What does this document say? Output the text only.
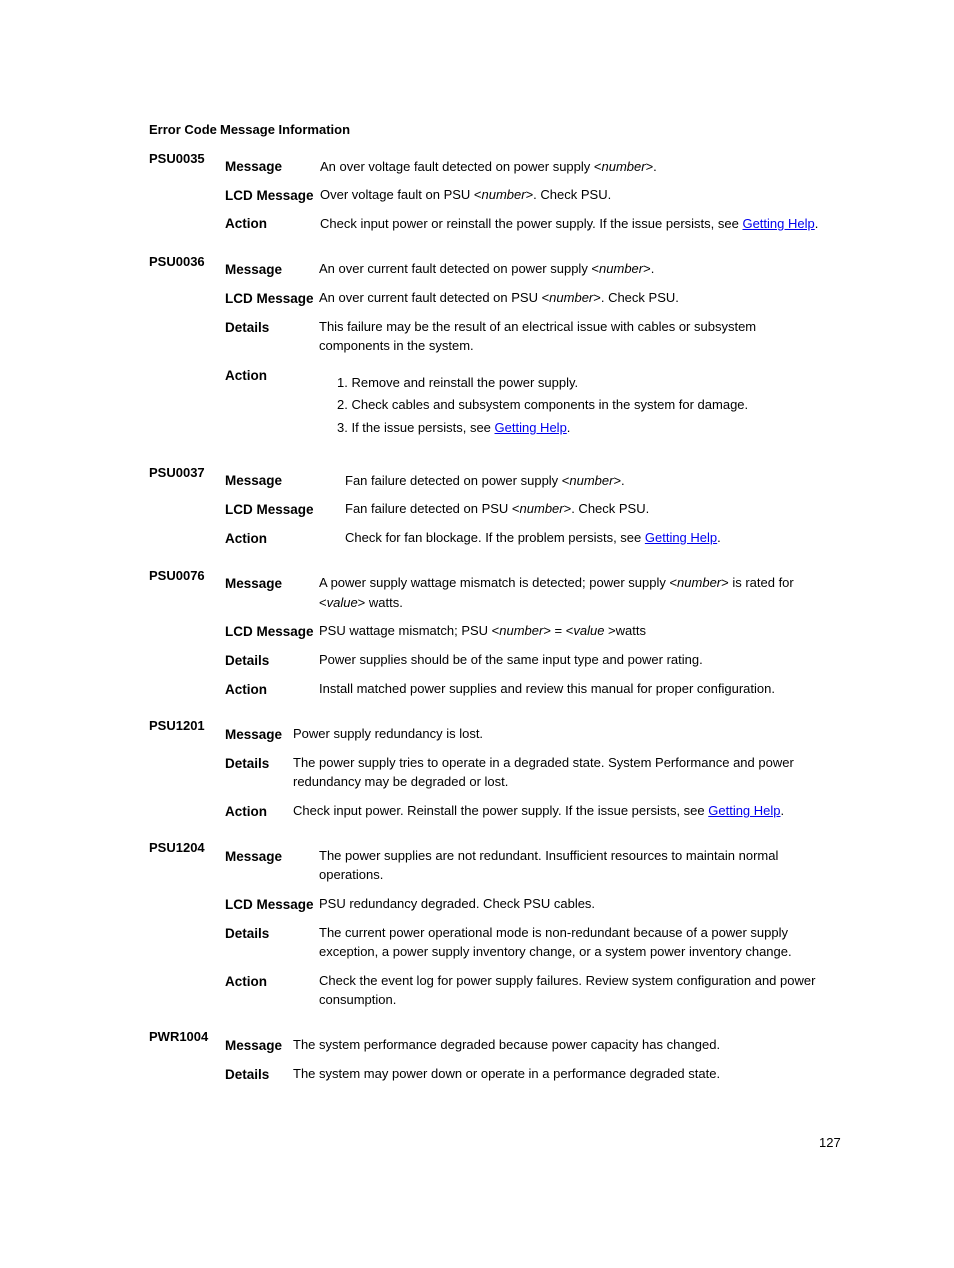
Error Code Message Information
PSU0035
Message	An over voltage fault detected on power supply <number>.
LCD Message Over voltage fault on PSU <number>. Check PSU.
Action	Check input power or reinstall the power supply. If the issue persists, see Getting Help.
PSU0036
Message	An over current fault detected on power supply <number>.
LCD Message An over current fault detected on PSU <number>. Check PSU.
Details	This failure may be the result of an electrical issue with cables or subsystem
components in the system.
Action	1. Remove and reinstall the power supply.
2. Check cables and subsystem components in the system for damage.
3. If the issue persists, see Getting Help.
PSU0037
Message	Fan failure detected on power supply <number>.
LCD Message Fan failure detected on PSU <number>. Check PSU.
Action	Check for fan blockage. If the problem persists, see Getting Help.
PSU0076
Message	A power supply wattage mismatch is detected; power supply <number> is rated for
<value> watts.
LCD Message PSU wattage mismatch; PSU <number> = <value >watts
Details	Power supplies should be of the same input type and power rating.
Action	Install matched power supplies and review this manual for proper configuration.
PSU1201
Message Power supply redundancy is lost.
Details The power supply tries to operate in a degraded state. System Performance and power
redundancy may be degraded or lost.
Action Check input power. Reinstall the power supply. If the issue persists, see Getting Help.
PSU1204
Message	The power supplies are not redundant. Insufficient resources to maintain normal
operations.
LCD Message PSU redundancy degraded. Check PSU cables.
Details	The current power operational mode is non-redundant because of a power supply
exception, a power supply inventory change, or a system power inventory change.
Action	Check the event log for power supply failures. Review system configuration and power
consumption.
PWR1004
Message The system performance degraded because power capacity has changed.
Details The system may power down or operate in a performance degraded state.
127
